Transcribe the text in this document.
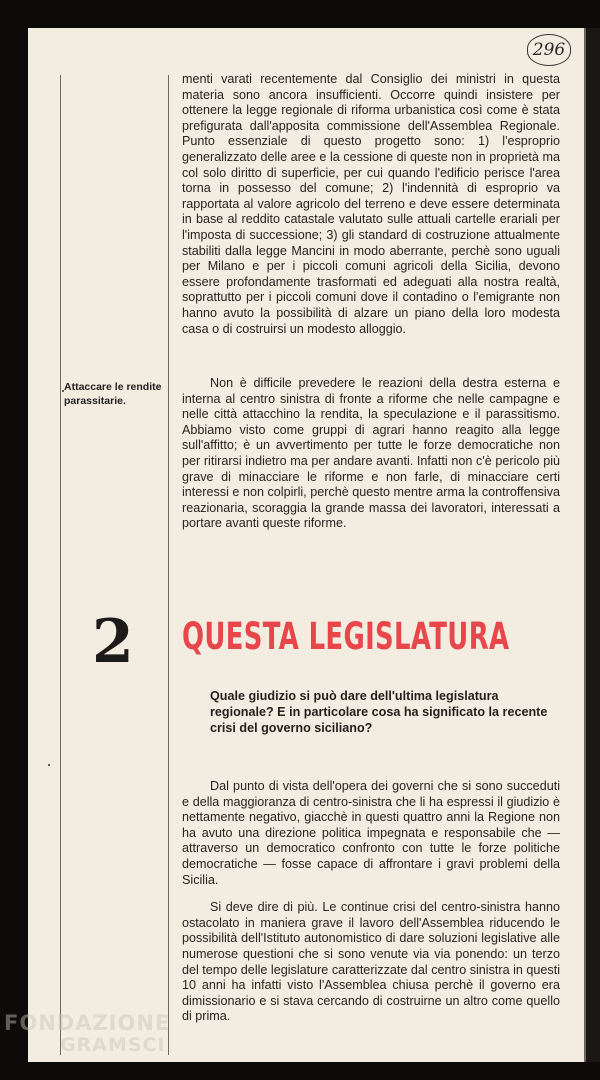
296

menti varati recentemente dal Consiglio dei ministri in questa materia sono ancora insufficienti. Occorre quindi insistere per ottenere la legge regionale di riforma urbanistica così come è stata prefigurata dall'apposita commissione dell'Assemblea Regionale. Punto essenziale di questo progetto sono: 1) l'esproprio generalizzato delle aree e la cessione di queste non in proprietà ma col solo diritto di superficie, per cui quando l'edificio perisce l'area torna in possesso del comune; 2) l'indennità di esproprio va rapportata al valore agricolo del terreno e deve essere determinata in base al reddito catastale valutato sulle attuali cartelle erariali per l'imposta di successione; 3) gli standard di costruzione attualmente stabiliti dalla legge Mancini in modo aberrante, perchè sono uguali per Milano e per i piccoli comuni agricoli della Sicilia, devono essere profondamente trasformati ed adeguati alla nostra realtà, soprattutto per i piccoli comuni dove il contadino o l'emigrante non hanno avuto la possibilità di alzare un piano della loro modesta casa o di costruirsi un modesto alloggio.

Attaccare le rendite parassitarie.

Non è difficile prevedere le reazioni della destra esterna e interna al centro sinistra di fronte a riforme che nelle campagne e nelle città attacchino la rendita, la speculazione e il parassitismo. Abbiamo visto come gruppi di agrari hanno reagito alla legge sull'affitto; è un avvertimento per tutte le forze democratiche non per ritirarsi indietro ma per andare avanti. Infatti non c'è pericolo più grave di minacciare le riforme e non farle, di minacciare certi interessi e non colpirli, perchè questo mentre arma la controffensiva reazionaria, scoraggia la grande massa dei lavoratori, interessati a portare avanti queste riforme.

2 QUESTA LEGISLATURA
Quale giudizio si può dare dell'ultima legislatura regionale? E in particolare cosa ha significato la recente crisi del governo siciliano?

Dal punto di vista dell'opera dei governi che si sono succeduti e della maggioranza di centro-sinistra che li ha espressi il giudizio è nettamente negativo, giacchè in questi quattro anni la Regione non ha avuto una direzione politica impegnata e responsabile che — attraverso un democratico confronto con tutte le forze politiche democratiche — fosse capace di affrontare i gravi problemi della Sicilia.

Si deve dire di più. Le continue crisi del centro-sinistra hanno ostacolato in maniera grave il lavoro dell'Assemblea riducendo le possibilità dell'Istituto autonomistico di dare soluzioni legislative alle numerose questioni che si sono venute via via ponendo: un terzo del tempo delle legislature caratterizzate dal centro sinistra in questi 10 anni ha infatti visto l'Assemblea chiusa perchè il governo era dimissionario e si stava cercando di costruirne un altro come quello di prima.

FONDAZIONE
GRAMSCI
